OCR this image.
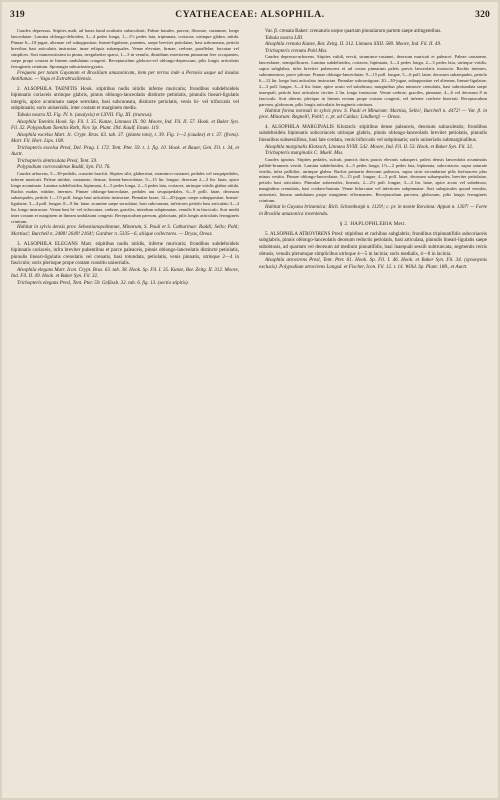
319	CYATHEACEAE: ALSOPHILA.	320

Caudex depressus. Stipites nudi, ad bases haud aculeatis subaculeati; Paleae basales, parvae, fibrosae, castaneae, longe lanceolatae. Lamina oblongo-deltoidea, 3—4 pedes longa, 1—1½ pedes lata, tripinnata, coriacea, utrinque glabra, nitida. Pinnae 6—10-jugae, alternae vel suboppositae, lineari-ligulatae, patentes, saepe breviter petiolatae, basi subcuneata, petiolo brevibus basi articulatis instructae, imae reliquis subaequales. Venae elevatae, firmae, crebrae, parallelae, furcatae vel simplices. Sori numerosissimi in pinna, irregulariter sparsi, 1—3 in venulis, dimidium exteriorem pinnarum fere occupantes, saepe prope costam in lineam undulatam congesti. Receptaculum globoso-vel oblongo-depressum, pilis longis articulatis ferrugineis crinitum. Sporangia subcarinata-gyrata.

Frequens per totam Guyanam et Brasiliam amazonicam, item per terras inde a Peruvia usque ad insulas Antillanas. — Vaga et Extrabrasiliensis.

2. ALSOPHILA TAENITIS Hook. stipitibus nudis nitidis inferne muricatis; frondibus subdeltoideis bipinnatis coriaceis utrinque glabris, pinnis oblongo-lanceolatis distincte petiolatis, pinnulis lineari-ligulatis integris, apice acuminato saepe serrulato, basi subcuneata, distincte petiolatis, venis bi- vel trifurcatis vel subpinnatis; soris uniserialis, inter costam et marginem media.

Tabula nostra XI. Fig. IV. b. (analysis) et LXVII. Fig. III. (truncus).

Alsophila Taenitis Hook. Sp. Fil. I. 35. Kunze, Linnaea IX. 90. Moore, Ind. Fil. II. 57. Hook. et Baker Syn. Fil. 32. Polypodium Taenitis Roth, Nov. Sp. Plant. 394. Kaulf. Enum. 119.

Alsophila excelsa Mart. Ic. Crypt. Bras. 63. tab. 37. (planta tota), t. 39. Fig. 1—2 (caudex) et t. 37. (frons). Mart. Fil. Hort. Lips. 108.

Trichopteris excelsa Presl, Del. Prag. I. 172. Tent. Pter. 59. t. 1. fig. 10. Hook. et Bauer, Gen. Fil. t. 34, et Auctt.

Trichopteris denticulata Presl, Tent. 59.

Polypodium corcovadense Raddi, Syn. Fil. 76.

Caudex arboreus, 5—30-pedalis, crassitie brachii. Stipites sibi, glaberrimi, straminco-castanei, pedales vel sesquipedales, inferne muricati. Paleae nitidae, castaneae, densae, lineari-lanceolatae, 9—15 lin. longae, deorsum 2—3 lin. latae, apice longe acuminato. Lamina subdeltoidea, bipinnata, 4—5 pedes longa, 2—3 pedes lata, coriacea, utrinque viridis glabra nitida. Rachis nudae, nitidae, inermes. Pinnae oblongo-lanceolatae, pedales aut sesquipedales, 6—9 polli. latae, deorsum subaequales, petiolo 1—1½ poll. longo basi articulato instructae. Pinnulae laxae, 12—20-jugae, saepe suboppositae, lineari-ligulatae, 3—4 poll. longae, 8—9 lin. latae, acumine saepe serrulatae, basi subcuneata, inferiores petiolo basi articulato 3—4 lin. longo instructae. Venae basi bi- vel trifurcatae, crebrae, graciles, interdum subpinnatae, venulis 6 in fasciculo. Sori medii inter costam et marginem in lineam undulatam congesti. Receptaculum parvum, globosum, pilis longis articulatis ferrugineis crinitum.

Habitat in sylvis densis prov. Sebastianopolitanae, Minarum, S. Pauli et S. Catharinae: Raddi; Sello; Pohl; Martius!; Burchell n. 2488! 2649! 2164!; Gardner n. 5335—6, aliique collectores. — Dryas, Oreas.

3. ALSOPHILA ELEGANS Mart. stipitibus nudis nitidis, inferne muricatis; frondibus subdeltoideis bipinnatis coriaceis, infra breviter pubentibus et parce paleaceis, pinnis oblongo-lanceolatis distincte petiolatis, pinnulis lineari-ligulatis crenulatis vel crenatis, basi rotundata, petiolatis, venis pinnatis, utrinque 2—4 in fasciculo; soris plerisque prope costam constitu uniserialis.

Alsophila elegans Mart. Icon. Crypt. Bras. 63. tab. 38. Hook. Sp. Fil. I. 35. Kunze, Bot. Zeitg. II. 312. Moore, Ind. Fil. II. 49. Hook. et Baker Syn. Fil. 32.

Trichopteris elegans Presl, Tent. Pter. 59. Gefässb. 32. tab. 6. fig. 13. (sectio stipitis).

Var. β. crenata Baker: crenaturis usque quartam pinnularum partem saepe attingentibus.

Tabula nostra LIII.

Alsophila crenata Kunze, Bot. Zeitg. II. 312. Linnaea XXII. 580. Moore, Ind. Fil. II. 49.

Trichopteris crenata Pohl Mss.

Caudex depresso-arboreus. Stipites validi, erecti, straminco-castanei, deorsum muricati et paleacei. Paleae castaneae, lanceolatae, semipollicares. Lamina subdeltoidea, coriacea, bipinnata, 3—4 pedes longa, 2—3 pedes lata, utrinque viridis, supra subglabra, infra breviter pubescens et ad costas pinnarum paleis parvis lanceolatis instructa. Rachis inermes, subtomentose, parce pilosae. Pinnae oblongo-lanceolatae, 9—15 poll. longae, 5—6 poll. latae, deorsum subaequales, petiolo 6—12 lin. longo basi articulato instructae. Pinnulae subcontiguae, 20—30-jugae, suboppositae vel alternae, lineari-ligulatae, 2—3 poll. longae, 3—4 lin. latae, apice acuto vel subobtuso, marginibus plus minusve crenulatis, basi subrotundata saepe inaequali, petiolo basi articulato circiter 2 lin. longo instructae. Venae crebrae, graciles, pinnatae, 4—6 vel deorsum 8 in fasciculo. Sori alterne, plerique in lineam rectam prope costam congesti, vel inferne conferte biseriati. Receptaculum parvum, globosum, pilis longis articulatis ferrugineis crinitum.

Habitat forma normali in sylvis prov. S. Pauli et Minarum: Martius, Sello!, Burchell n. 4472! — Var. β. in prov. Minarum: Regnell!, Pohl!; c. pr. ad Caldas: Lindberg! — Oreas.

4. ALSOPHILA MARGINALIS Klotzsch: stipitibus dense paleaceis, deorsum subaculeatis; frondibus subdeltoideis bipinnatis subcoriaceis utrinque glabris, pinnis oblongo-lanceolatis breviter petiolatis, pinnulis linearibus subsessilibus, basi late cordata, venis bifurcatis vel subpinnatis; soris uniseriatis submarginalibus.

Alsophila marginalis Klotzsch, Linnaea XVIII. 542. Moore, Ind. Fil. II. 53. Hook. et Baker Syn. Fil. 32.

Trichopteris marginalis C. Muell. Mss.

Caudex ignotus. Stipites pedales, sulcati, punctis duris paucis elevatis subasperi, paleis densis lanceolatis acuminatis pallide-brunneis vestiti. Lamina subdeltoidea, 4—5 pedes longa, 1½—2 pedes lata, bipinnata, subcoriacea, supra saturate viridis, infra pallidior, utrinque glabra. Rachis primaria deorsum paleacea, supra sicut secundariae pilis furfuraceis plus minus vestita. Pinnae oblongo-lanceolatae, 9—15 poll. longae, 4—5 poll. latae, deorsum subaequales, breviter petiolatae, petiolo basi articulato. Pinnulae subsessiles, linearis, 2—2½ poll. longae, 3—4 lin. latae, apice acuto vel subobtuso, marginibus crenulatis, basi cordato-hastata. Venae bifurcatae vel inferiores subpinnatae. Sori subapicales quoad venulas, uniseriati, lineam undulatam prope marginem efformantes. Receptaculum parvum, globosum, pilis longis ferrugineis crinitum.

Habitat in Guyana britannica: Rich. Schomburgk n. 1129!; c. pr. in monte Roraima: Appun n. 1307! — Forte in Brasilia amazonica inveniendu.

§ 2. HAPLOPHLEBIA Mett.

5. ALSOPHILA ATROVIRENS Presl: stipitibus et rachibus subglabris; frondibus tripinnatifidis subcoriaceis subglabris, pinnis oblongo-lanceolatis deorsum reductis petiolatis, basi articulata, pinnulis lineari-ligulatis saepe subobtusis, ad quartam vel deorsum ad medium pinnatifidis, basi inaequali sessili subtruncata, segmentis rectis obtusis, venulis plerumque simplicibus utrinque 4—5 in lacinia; soris medialis, 4—8 in lacinia.

Alsophila atrovirens Presl, Tent. Pter. 61. Hook. Sp. Fil. I. 46. Hook. et Baker Syn. Fil. 34. (synonymis exclusis). Polypodium atrovirens Langsd. et Fischer, Icon. Fil. 12. t. 14. Willd. Sp. Plant. 188., et Auctt.
